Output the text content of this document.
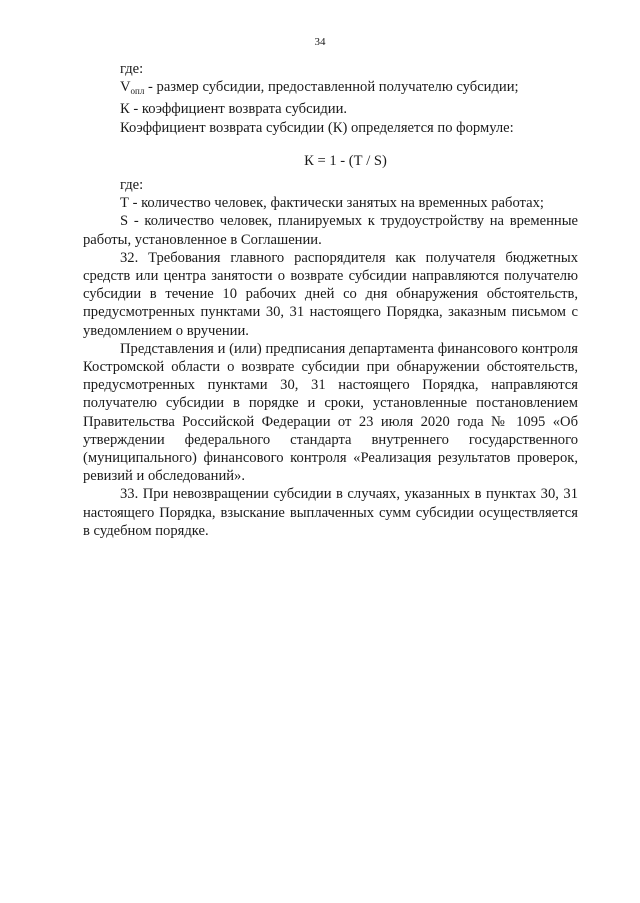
34

где:

$V_{опл}$ - размер субсидии, предоставленной получателю субсидии;

К - коэффициент возврата субсидии.

Коэффициент возврата субсидии (К) определяется по формуле:

К = 1 - (Т / S)

где:

Т - количество человек, фактически занятых на временных работах;

S - количество человек, планируемых к трудоустройству на временные работы, установленное в Соглашении.

32. Требования главного распорядителя как получателя бюджетных средств или центра занятости о возврате субсидии направляются получателю субсидии в течение 10 рабочих дней со дня обнаружения обстоятельств, предусмотренных пунктами 30, 31 настоящего Порядка, заказным письмом с уведомлением о вручении.

Представления и (или) предписания департамента финансового контроля Костромской области о возврате субсидии при обнаружении обстоятельств, предусмотренных пунктами 30, 31 настоящего Порядка, направляются получателю субсидии в порядке и сроки, установленные постановлением Правительства Российской Федерации от 23 июля 2020 года № 1095 «Об утверждении федерального стандарта внутреннего государственного (муниципального) финансового контроля «Реализация результатов проверок, ревизий и обследований».

33. При невозвращении субсидии в случаях, указанных в пунктах 30, 31 настоящего Порядка, взыскание выплаченных сумм субсидии осуществляется в судебном порядке.
